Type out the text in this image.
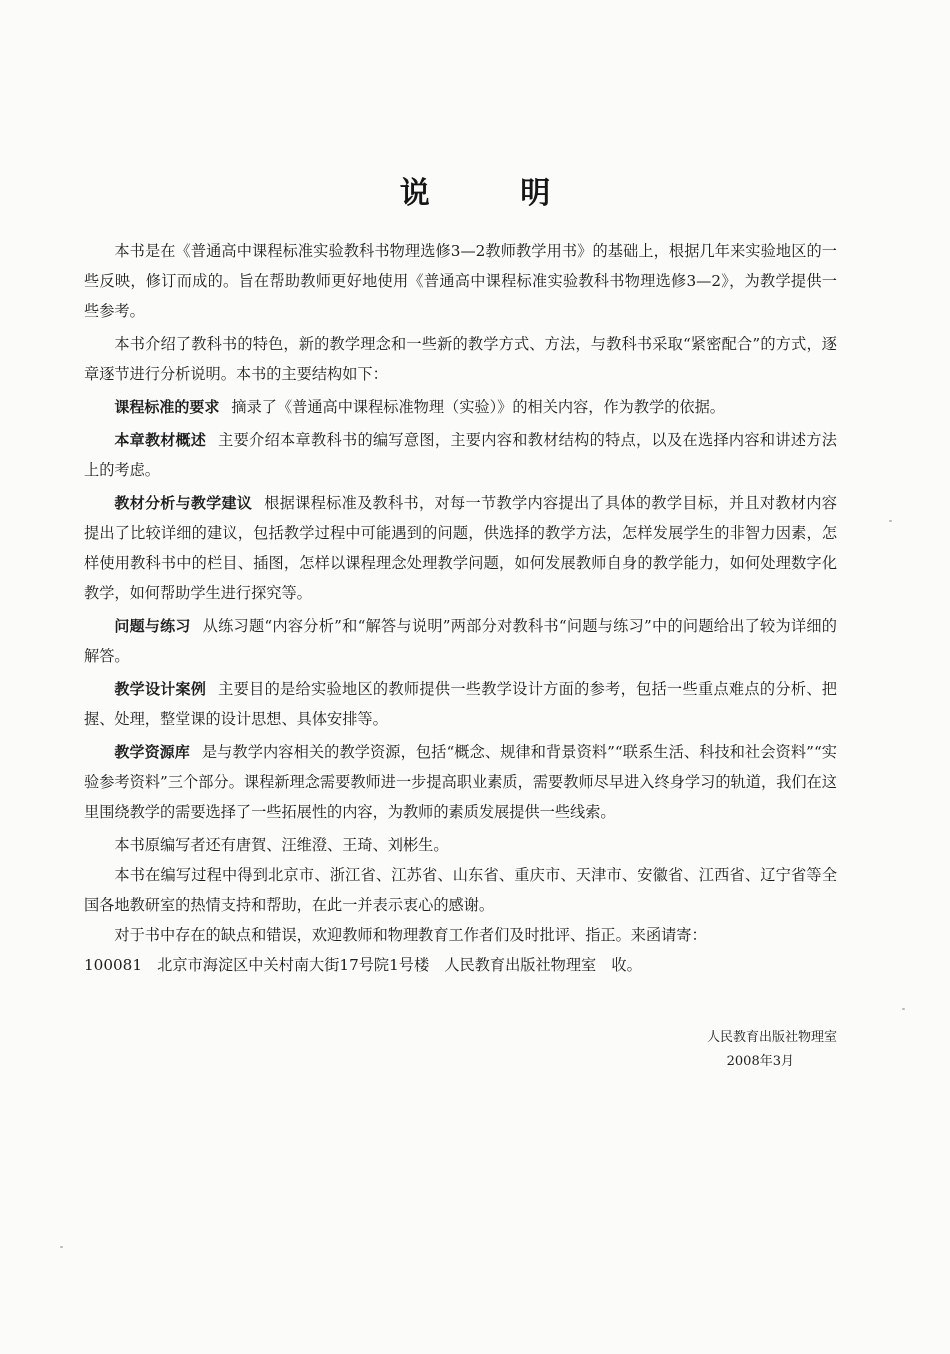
说 明

本书是在《普通高中课程标准实验教科书物理选修3—2教师教学用书》的基础上，根据几年来实验地区的一些反映，修订而成的。旨在帮助教师更好地使用《普通高中课程标准实验教科书物理选修3—2》，为教学提供一些参考。

本书介绍了教科书的特色，新的教学理念和一些新的教学方式、方法，与教科书采取“紧密配合”的方式，逐章逐节进行分析说明。本书的主要结构如下：

课程标准的要求 摘录了《普通高中课程标准物理（实验）》的相关内容，作为教学的依据。

本章教材概述 主要介绍本章教科书的编写意图，主要内容和教材结构的特点，以及在选择内容和讲述方法上的考虑。

教材分析与教学建议 根据课程标准及教科书，对每一节教学内容提出了具体的教学目标，并且对教材内容提出了比较详细的建议，包括教学过程中可能遇到的问题，供选择的教学方法，怎样发展学生的非智力因素，怎样使用教科书中的栏目、插图，怎样以课程理念处理教学问题，如何发展教师自身的教学能力，如何处理数字化教学，如何帮助学生进行探究等。

问题与练习 从练习题“内容分析”和“解答与说明”两部分对教科书“问题与练习”中的问题给出了较为详细的解答。

教学设计案例 主要目的是给实验地区的教师提供一些教学设计方面的参考，包括一些重点难点的分析、把握、处理，整堂课的设计思想、具体安排等。

教学资源库 是与教学内容相关的教学资源，包括“概念、规律和背景资料”“联系生活、科技和社会资料”“实验参考资料”三个部分。课程新理念需要教师进一步提高职业素质，需要教师尽早进入终身学习的轨道，我们在这里围绕教学的需要选择了一些拓展性的内容，为教师的素质发展提供一些线索。

本书原编写者还有唐賀、汪维澄、王琦、刘彬生。

本书在编写过程中得到北京市、浙江省、江苏省、山东省、重庆市、天津市、安徽省、江西省、辽宁省等全国各地教研室的热情支持和帮助，在此一并表示衷心的感谢。

对于书中存在的缺点和错误，欢迎教师和物理教育工作者们及时批评、指正。来函请寄：

100081　北京市海淀区中关村南大街17号院1号楼　人民教育出版社物理室　收。

人民教育出版社物理室
2008年3月
